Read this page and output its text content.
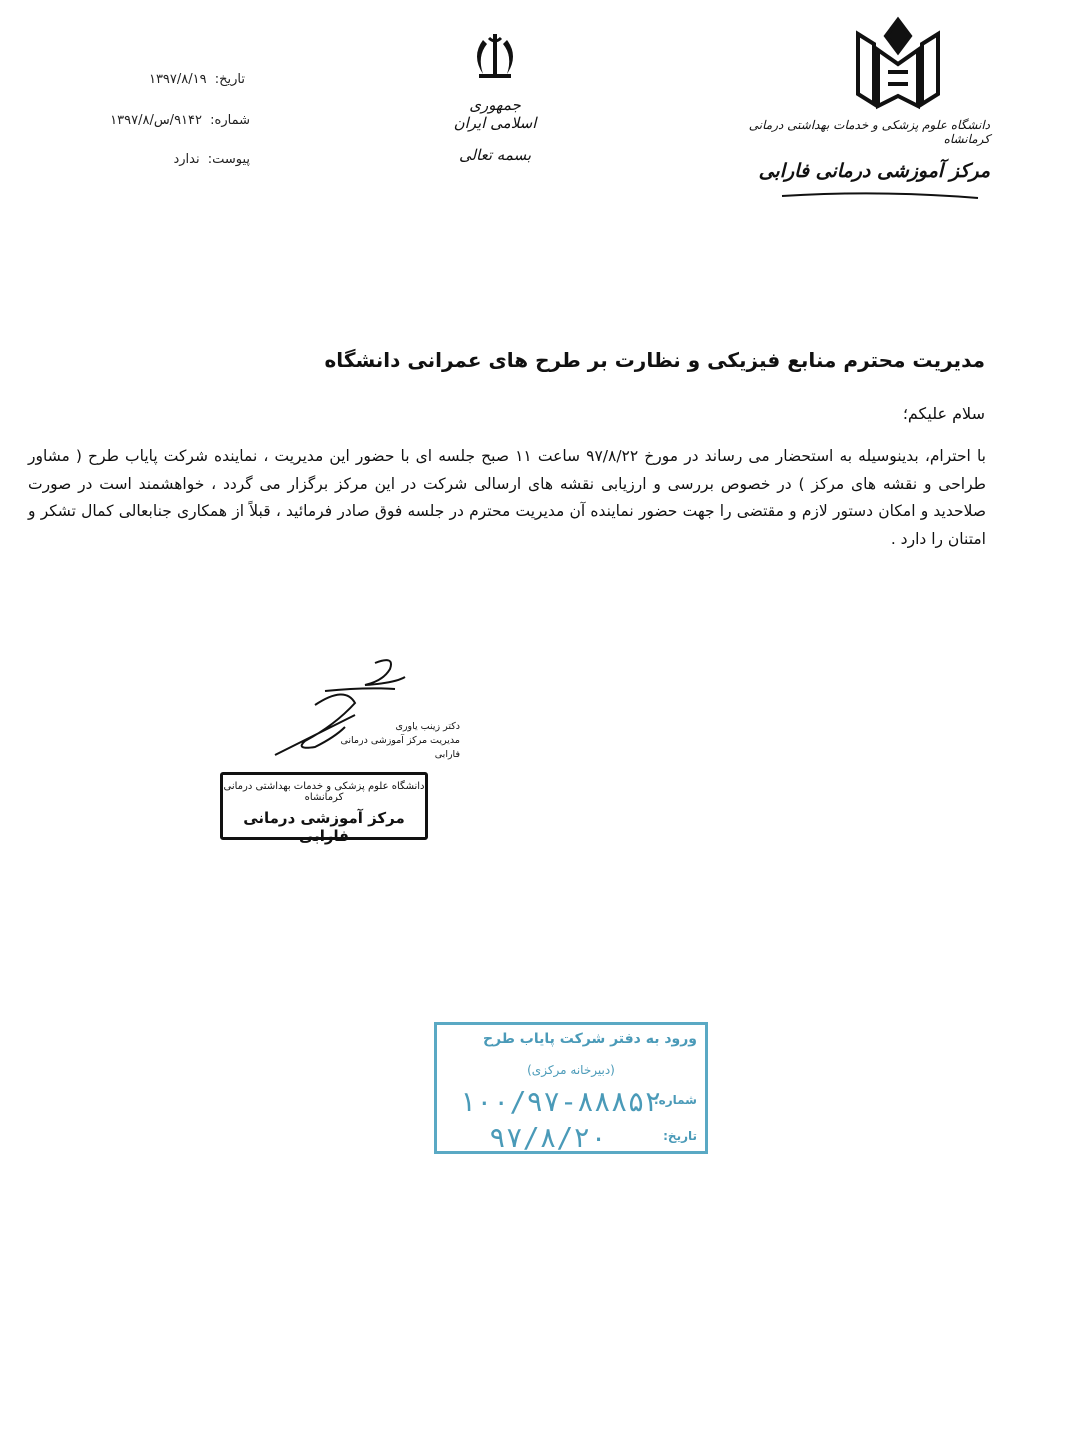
تاریخ: ۱۳۹۷/۸/۱۹
شماره: ۹۱۴۲/س/۱۳۹۷/۸
پیوست: ندارد
جمهوری اسلامی ایران
بسمه تعالی
دانشگاه علوم پزشکی و خدمات بهداشتی درمانی کرمانشاه
مرکز آموزشی درمانی فارابی
مدیریت محترم منابع فیزیکی و نظارت بر طرح های عمرانی دانشگاه
سلام علیکم؛
با احترام، بدینوسیله به استحضار می رساند در مورخ ۹۷/۸/۲۲ ساعت ۱۱ صبح جلسه ای با حضور این مدیریت ، نماینده شرکت پایاب طرح ( مشاور طراحی و نقشه های مرکز ) در خصوص بررسی و ارزیابی نقشه های ارسالی شرکت در این مرکز برگزار می گردد ، خواهشمند است در صورت صلاحدید و امکان دستور لازم و مقتضی را جهت حضور نماینده آن مدیریت محترم در جلسه فوق صادر فرمائید ، قبلاً از همکاری جنابعالی کمال تشکر و امتنان را دارد .
دکتر زینب یاوری
مدیریت مرکز آموزشی درمانی فارابی
دانشگاه علوم پزشکی و خدمات بهداشتی درمانی کرمانشاه
مرکز آموزشی درمانی فارابی
ورود به دفتر شرکت پایاب طرح
(دبیرخانه مرکزی)
شماره:
۱۰۰/۹۷-۸۸۸۵۲
تاریخ:
۹۷/۸/۲۰
